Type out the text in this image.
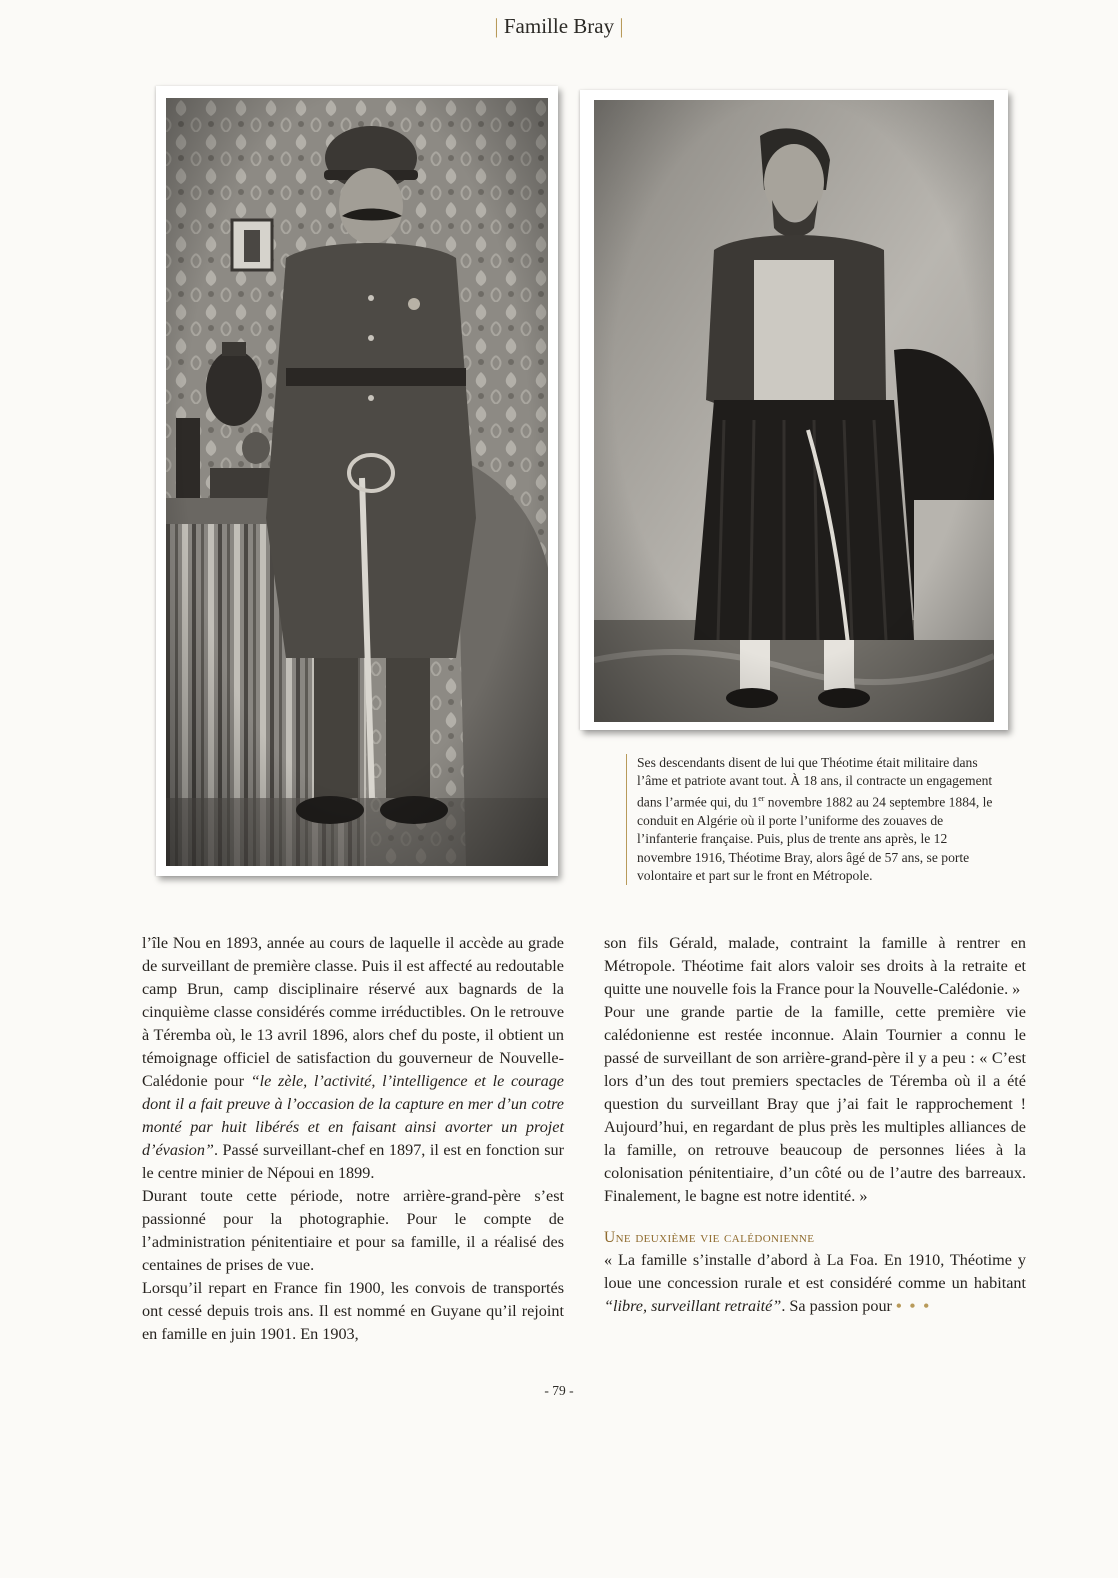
| Famille Bray |
Ses descendants disent de lui que Théotime était militaire dans l’âme et patriote avant tout. À 18 ans, il contracte un engagement dans l’armée qui, du 1er novembre 1882 au 24 septembre 1884, le conduit en Algérie où il porte l’uniforme des zouaves de l’infanterie française. Puis, plus de trente ans après, le 12 novembre 1916, Théotime Bray, alors âgé de 57 ans, se porte volontaire et part sur le front en Métropole.

l’île Nou en 1893, année au cours de laquelle il accède au grade de surveillant de première classe. Puis il est affecté au redoutable camp Brun, camp disciplinaire réservé aux bagnards de la cinquième classe considérés comme irréductibles. On le retrouve à Téremba où, le 13 avril 1896, alors chef du poste, il obtient un témoignage officiel de satisfaction du gouverneur de Nouvelle-Calédonie pour “le zèle, l’activité, l’intelligence et le courage dont il a fait preuve à l’occasion de la capture en mer d’un cotre monté par huit libérés et en faisant ainsi avorter un projet d’évasion”. Passé surveillant-chef en 1897, il est en fonction sur le centre minier de Népoui en 1899.

Durant toute cette période, notre arrière-grand-père s’est passionné pour la photographie. Pour le compte de l’administration pénitentiaire et pour sa famille, il a réalisé des centaines de prises de vue.

Lorsqu’il repart en France fin 1900, les convois de transportés ont cessé depuis trois ans. Il est nommé en Guyane qu’il rejoint en famille en juin 1901. En 1903,

son fils Gérald, malade, contraint la famille à rentrer en Métropole. Théotime fait alors valoir ses droits à la retraite et quitte une nouvelle fois la France pour la Nouvelle-Calédonie. »

Pour une grande partie de la famille, cette première vie calédonienne est restée inconnue. Alain Tournier a connu le passé de surveillant de son arrière-grand-père il y a peu : « C’est lors d’un des tout premiers spectacles de Téremba où il a été question du surveillant Bray que j’ai fait le rapprochement ! Aujourd’hui, en regardant de plus près les multiples alliances de la famille, on retrouve beaucoup de personnes liées à la colonisation pénitentiaire, d’un côté ou de l’autre des barreaux. Finalement, le bagne est notre identité. »

Une deuxième vie calédonienne

« La famille s’installe d’abord à La Foa. En 1910, Théotime y loue une concession rurale et est considéré comme un habitant “libre, surveillant retraité”. Sa passion pour • • •

- 79 -
